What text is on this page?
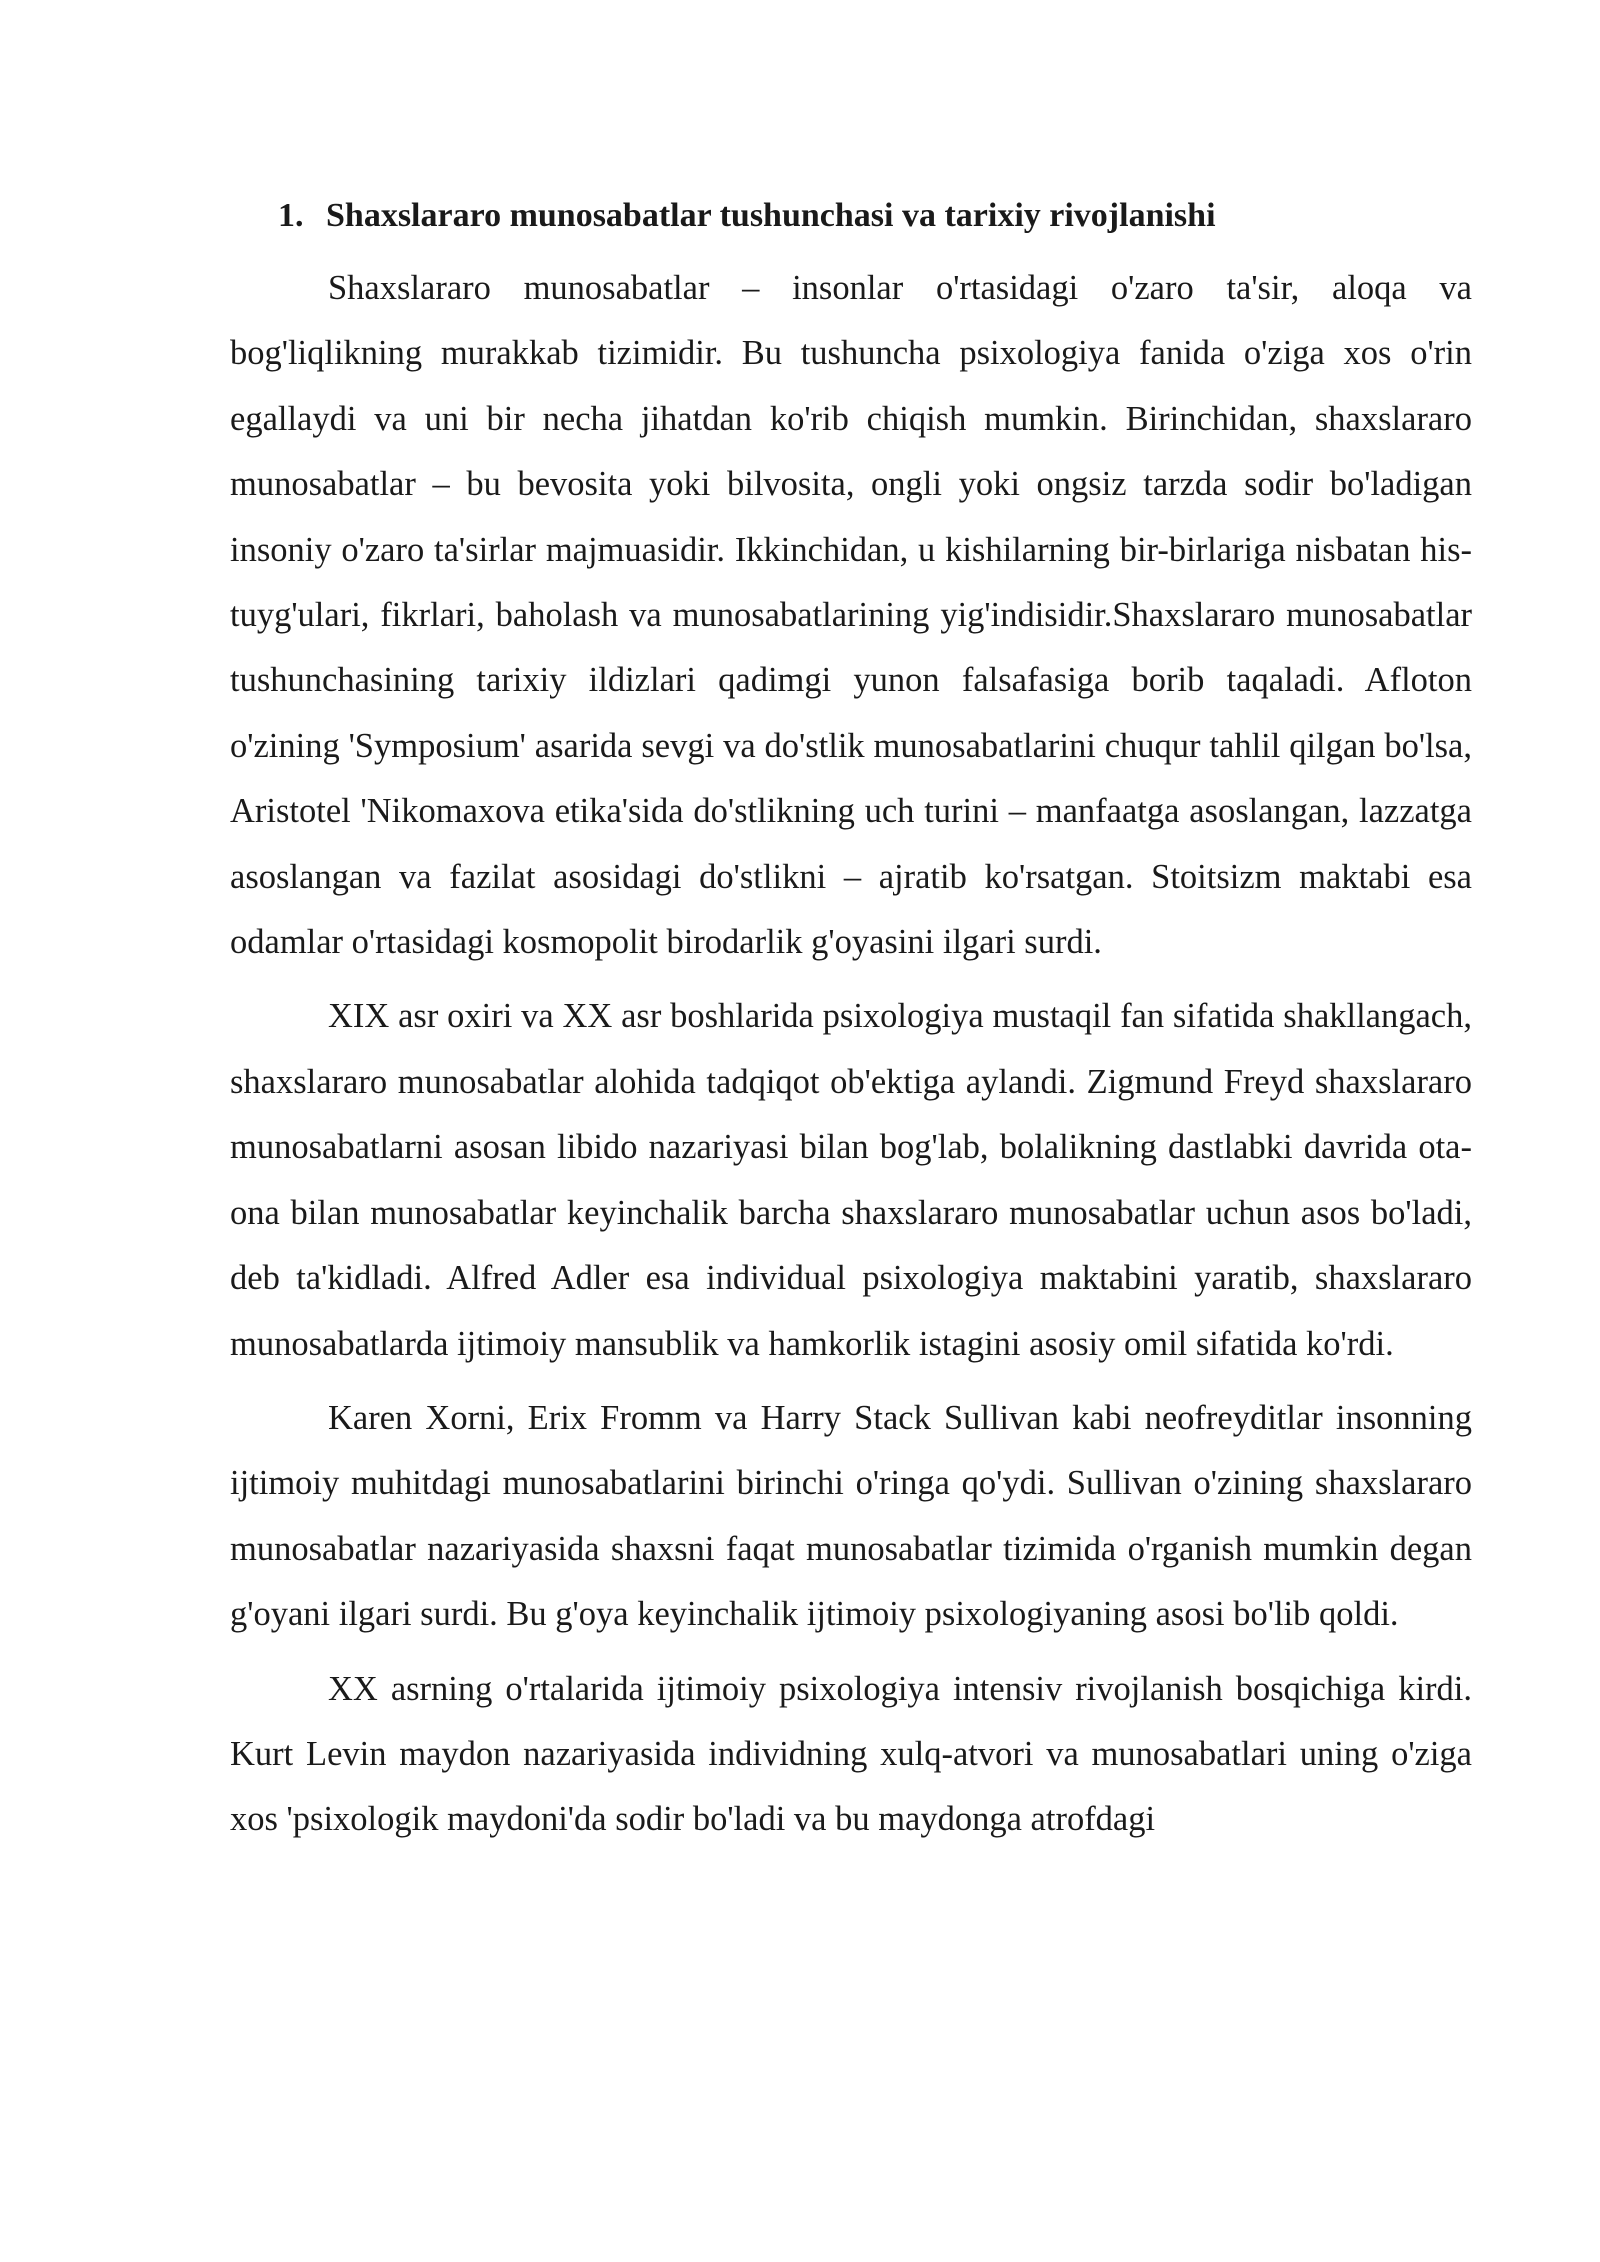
1. Shaxslararo munosabatlar tushunchasi va tarixiy rivojlanishi

Shaxslararo munosabatlar – insonlar o'rtasidagi o'zaro ta'sir, aloqa va bog'liqlikning murakkab tizimidir. Bu tushuncha psixologiya fanida o'ziga xos o'rin egallaydi va uni bir necha jihatdan ko'rib chiqish mumkin. Birinchidan, shaxslararo munosabatlar – bu bevosita yoki bilvosita, ongli yoki ongsiz tarzda sodir bo'ladigan insoniy o'zaro ta'sirlar majmuasidir. Ikkinchidan, u kishilarning bir-birlariga nisbatan his-tuyg'ulari, fikrlari, baholash va munosabatlarining yig'indisidir.Shaxslararo munosabatlar tushunchasining tarixiy ildizlari qadimgi yunon falsafasiga borib taqaladi. Afloton o'zining 'Symposium' asarida sevgi va do'stlik munosabatlarini chuqur tahlil qilgan bo'lsa, Aristotel 'Nikomaxova etika'sida do'stlikning uch turini – manfaatga asoslangan, lazzatga asoslangan va fazilat asosidagi do'stlikni – ajratib ko'rsatgan. Stoitsizm maktabi esa odamlar o'rtasidagi kosmopolit birodarlik g'oyasini ilgari surdi.

XIX asr oxiri va XX asr boshlarida psixologiya mustaqil fan sifatida shakllangach, shaxslararo munosabatlar alohida tadqiqot ob'ektiga aylandi. Zigmund Freyd shaxslararo munosabatlarni asosan libido nazariyasi bilan bog'lab, bolalikning dastlabki davrida ota-ona bilan munosabatlar keyinchalik barcha shaxslararo munosabatlar uchun asos bo'ladi, deb ta'kidladi. Alfred Adler esa individual psixologiya maktabini yaratib, shaxslararo munosabatlarda ijtimoiy mansublik va hamkorlik istagini asosiy omil sifatida ko'rdi.

Karen Xorni, Erix Fromm va Harry Stack Sullivan kabi neofreyditlar insonning ijtimoiy muhitdagi munosabatlarini birinchi o'ringa qo'ydi. Sullivan o'zining shaxslararo munosabatlar nazariyasida shaxsni faqat munosabatlar tizimida o'rganish mumkin degan g'oyani ilgari surdi. Bu g'oya keyinchalik ijtimoiy psixologiyaning asosi bo'lib qoldi.

XX asrning o'rtalarida ijtimoiy psixologiya intensiv rivojlanish bosqichiga kirdi. Kurt Levin maydon nazariyasida individning xulq-atvori va munosabatlari uning o'ziga xos 'psixologik maydoni'da sodir bo'ladi va bu maydonga atrofdagi
